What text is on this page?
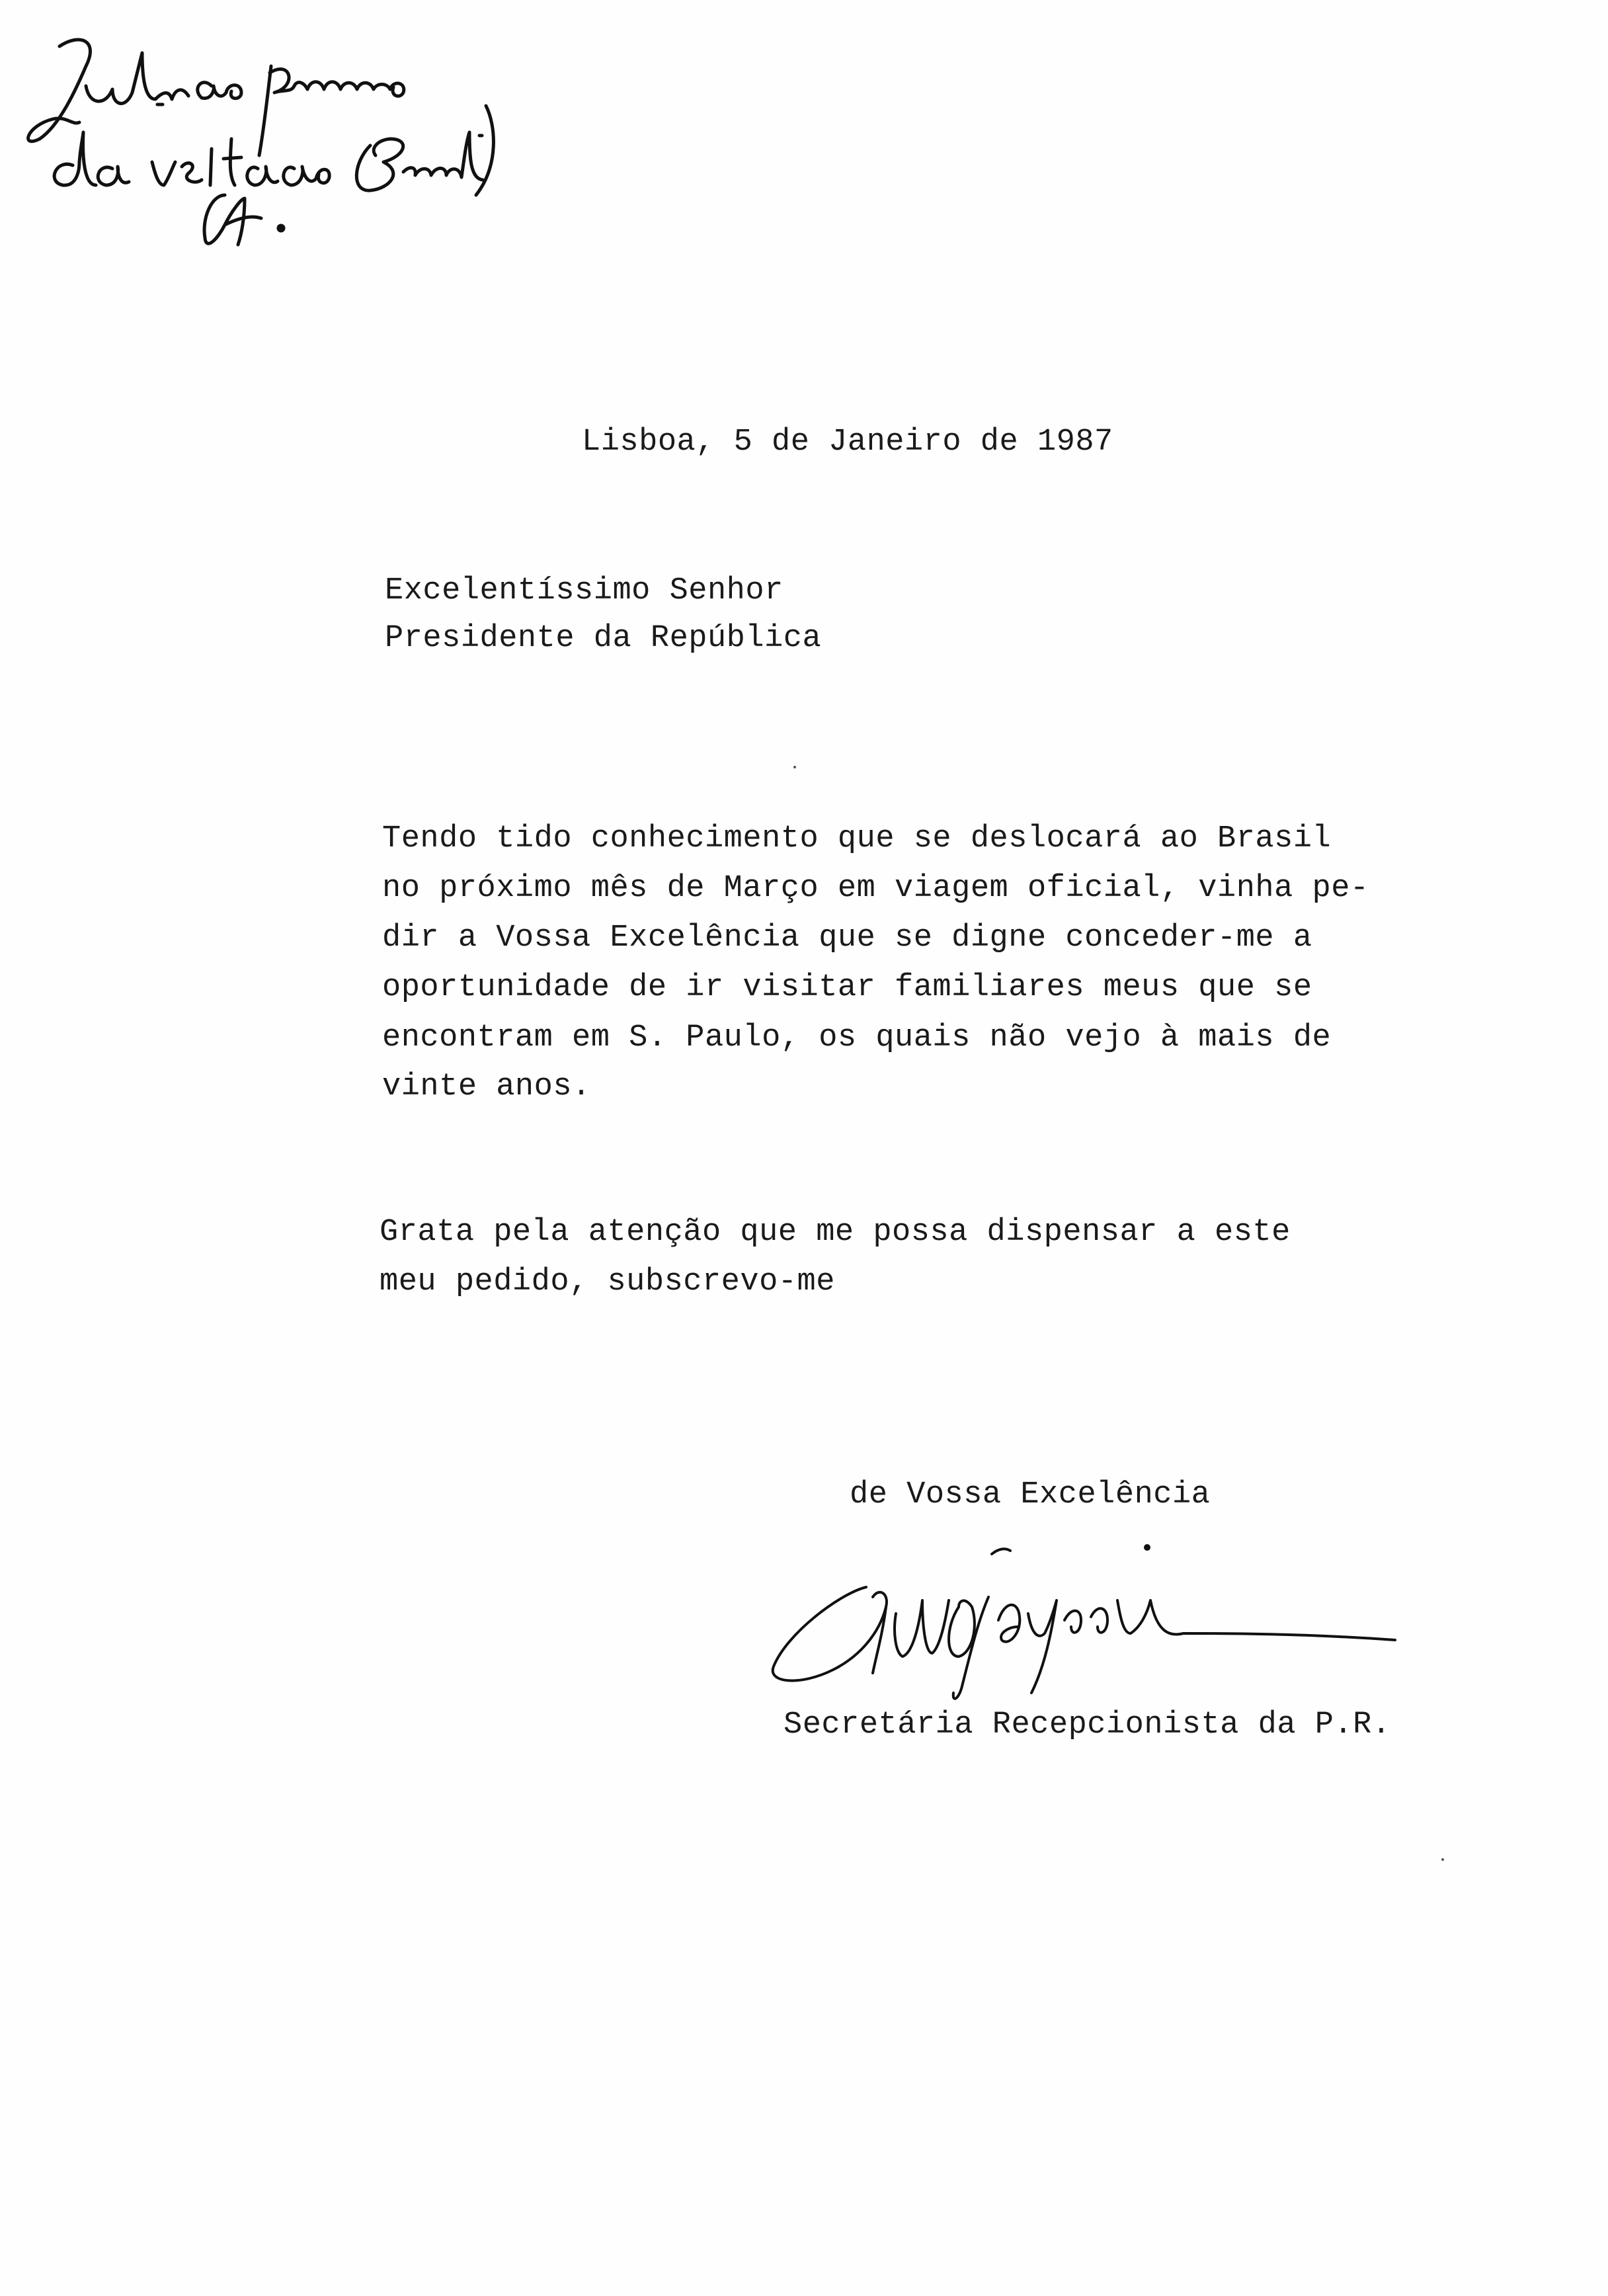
Lisboa, 5 de Janeiro de 1987
Excelentíssimo Senhor
Presidente da República
Tendo tido conhecimento que se deslocará ao Brasil
no próximo mês de Março em viagem oficial, vinha pe-
dir a Vossa Excelência que se digne conceder-me a
oportunidade de ir visitar familiares meus que se
encontram em S. Paulo, os quais não vejo à mais de
vinte anos.
Grata pela atenção que me possa dispensar a este
meu pedido, subscrevo-me
de Vossa Excelência
Secretária Recepcionista da P.R.
